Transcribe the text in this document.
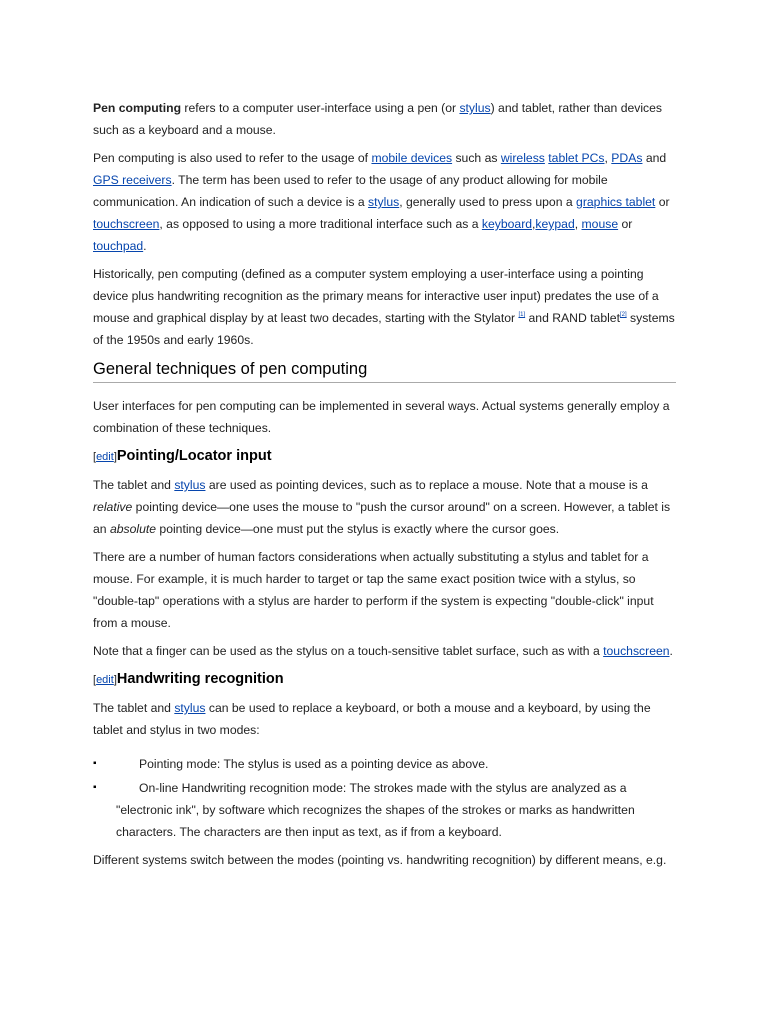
Pen computing refers to a computer user-interface using a pen (or stylus) and tablet, rather than devices such as a keyboard and a mouse.

Pen computing is also used to refer to the usage of mobile devices such as wireless tablet PCs, PDAs and GPS receivers. The term has been used to refer to the usage of any product allowing for mobile communication. An indication of such a device is a stylus, generally used to press upon a graphics tablet or touchscreen, as opposed to using a more traditional interface such as a keyboard,keypad, mouse or touchpad.

Historically, pen computing (defined as a computer system employing a user-interface using a pointing device plus handwriting recognition as the primary means for interactive user input) predates the use of a mouse and graphical display by at least two decades, starting with the Stylator [1] and RAND tablet[2] systems of the 1950s and early 1960s.

General techniques of pen computing

User interfaces for pen computing can be implemented in several ways. Actual systems generally employ a combination of these techniques.

[edit]Pointing/Locator input

The tablet and stylus are used as pointing devices, such as to replace a mouse. Note that a mouse is a relative pointing device—one uses the mouse to "push the cursor around" on a screen. However, a tablet is an absolute pointing device—one must put the stylus is exactly where the cursor goes.

There are a number of human factors considerations when actually substituting a stylus and tablet for a mouse. For example, it is much harder to target or tap the same exact position twice with a stylus, so "double-tap" operations with a stylus are harder to perform if the system is expecting "double-click" input from a mouse.

Note that a finger can be used as the stylus on a touch-sensitive tablet surface, such as with a touchscreen.

[edit]Handwriting recognition

The tablet and stylus can be used to replace a keyboard, or both a mouse and a keyboard, by using the tablet and stylus in two modes:

▪	Pointing mode: The stylus is used as a pointing device as above.
▪	On-line Handwriting recognition mode: The strokes made with the stylus are analyzed as a "electronic ink", by software which recognizes the shapes of the strokes or marks as handwritten characters. The characters are then input as text, as if from a keyboard.

Different systems switch between the modes (pointing vs. handwriting recognition) by different means, e.g.
